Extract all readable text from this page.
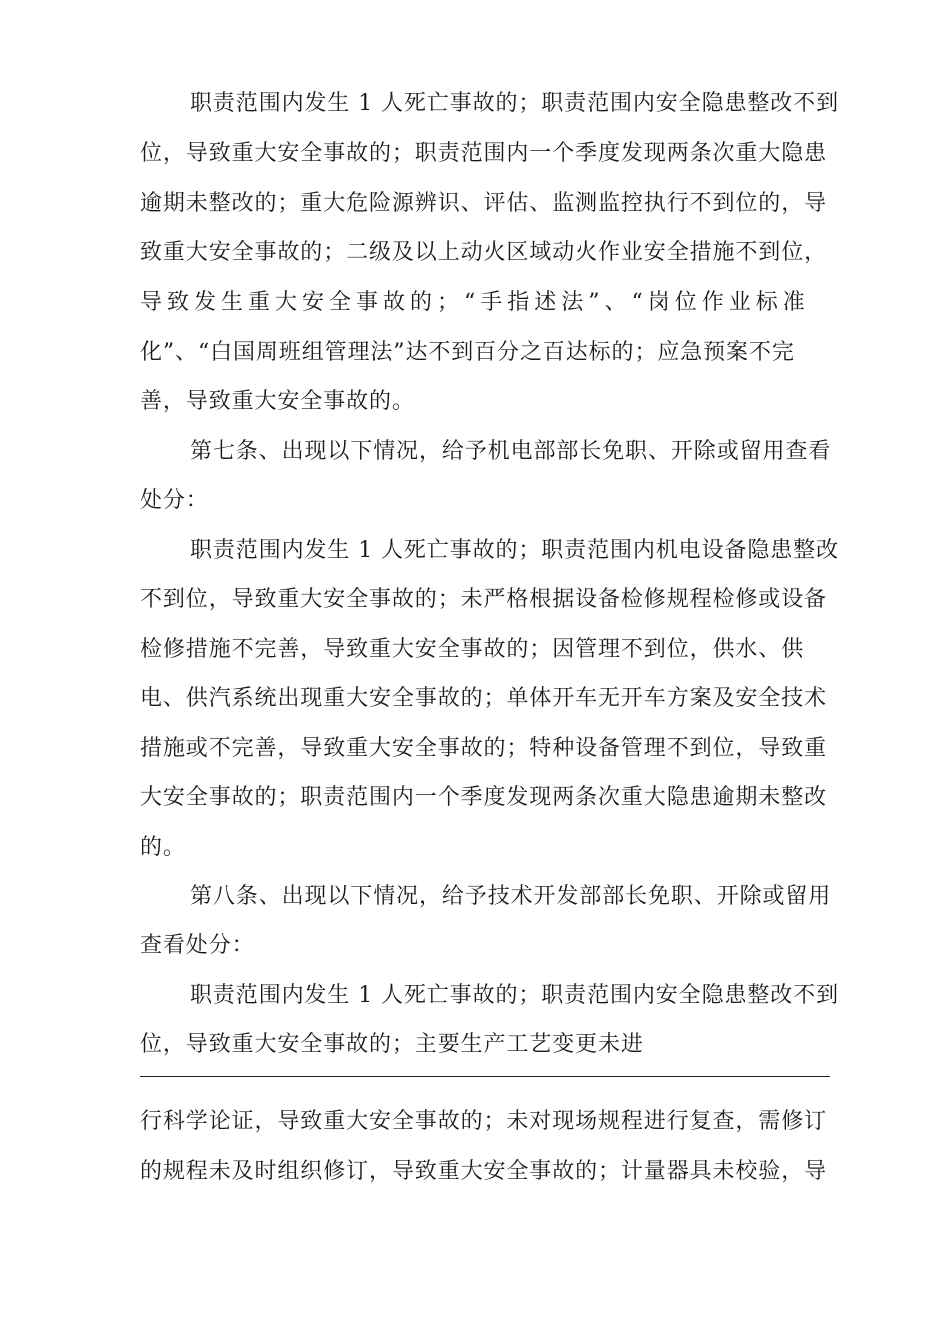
职责范围内发生 1 人死亡事故的；职责范围内安全隐患整改不到
位，导致重大安全事故的；职责范围内一个季度发现两条次重大隐患
逾期未整改的；重大危险源辨识、评估、监测监控执行不到位的，导
致重大安全事故的；二级及以上动火区域动火作业安全措施不到位，
导致发生重大安全事故的；“手指述法”、“岗位作业标准
化”、“白国周班组管理法”达不到百分之百达标的；应急预案不完
善，导致重大安全事故的。
第七条、出现以下情况，给予机电部部长免职、开除或留用查看
处分：
职责范围内发生 1 人死亡事故的；职责范围内机电设备隐患整改
不到位，导致重大安全事故的；未严格根据设备检修规程检修或设备
检修措施不完善，导致重大安全事故的；因管理不到位，供水、供
电、供汽系统出现重大安全事故的；单体开车无开车方案及安全技术
措施或不完善，导致重大安全事故的；特种设备管理不到位，导致重
大安全事故的；职责范围内一个季度发现两条次重大隐患逾期未整改
的。
第八条、出现以下情况，给予技术开发部部长免职、开除或留用
查看处分：
职责范围内发生 1 人死亡事故的；职责范围内安全隐患整改不到
位，导致重大安全事故的；主要生产工艺变更未进
行科学论证，导致重大安全事故的；未对现场规程进行复查，需修订
的规程未及时组织修订，导致重大安全事故的；计量器具未校验，导
